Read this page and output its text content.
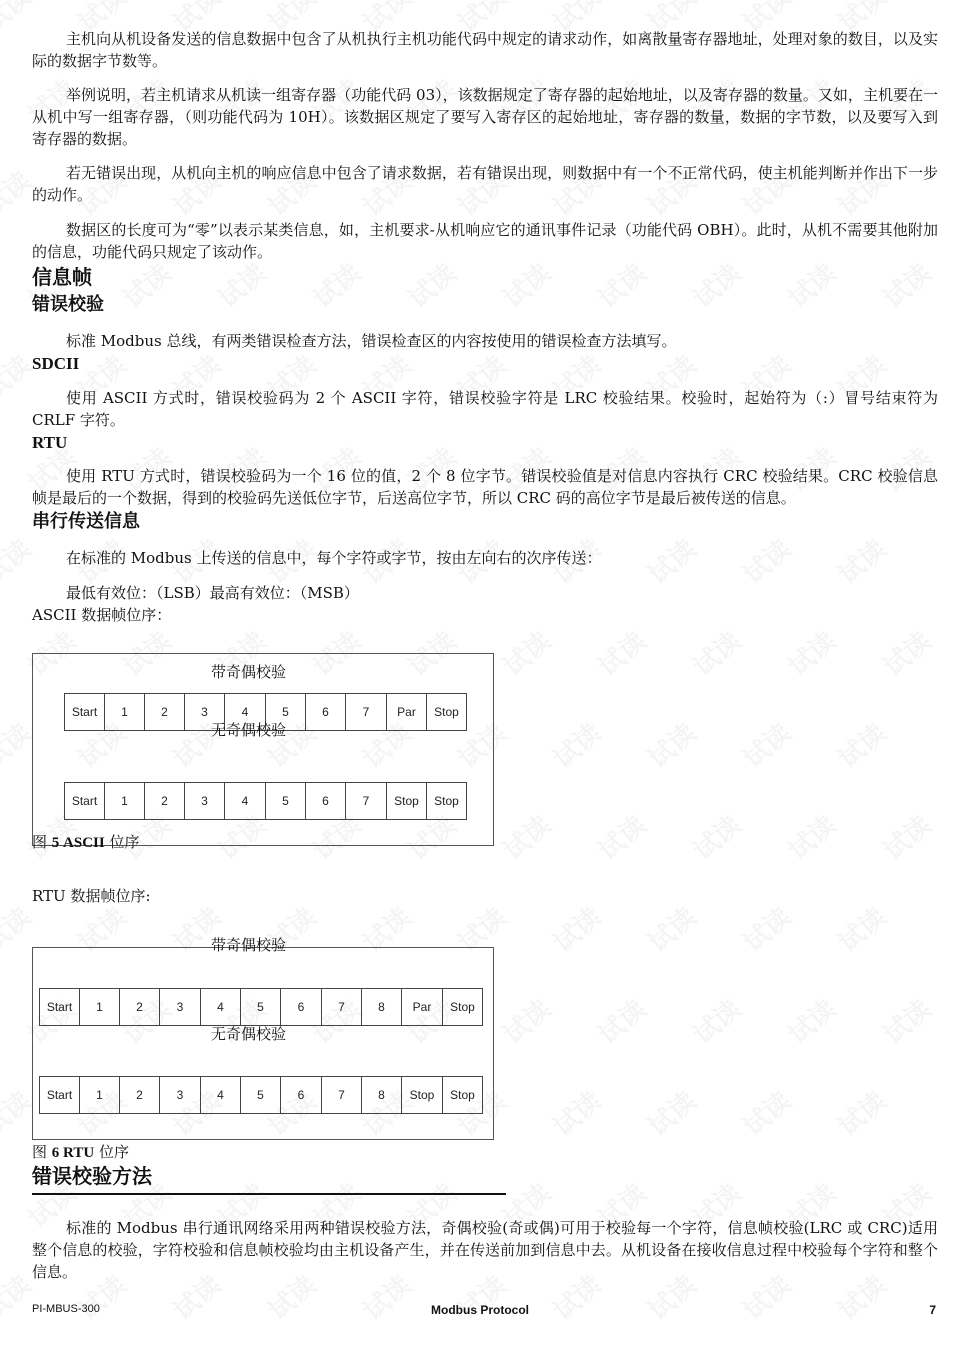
主机向从机设备发送的信息数据中包含了从机执行主机功能代码中规定的请求动作，如离散量寄存器地址，处理对象的数目，以及实际的数据字节数等。

举例说明，若主机请求从机读一组寄存器（功能代码 03），该数据规定了寄存器的起始地址，以及寄存器的数量。又如，主机要在一从机中写一组寄存器，（则功能代码为 10H）。该数据区规定了要写入寄存区的起始地址，寄存器的数量，数据的字节数，以及要写入到寄存器的数据。

若无错误出现，从机向主机的响应信息中包含了请求数据，若有错误出现，则数据中有一个不正常代码，使主机能判断并作出下一步的动作。

数据区的长度可为“零”以表示某类信息，如，主机要求-从机响应它的通讯事件记录（功能代码 OBH）。此时，从机不需要其他附加的信息，功能代码只规定了该动作。

信息帧
错误校验

标准 Modbus 总线，有两类错误检查方法，错误检查区的内容按使用的错误检查方法填写。

SDCII

使用 ASCII 方式时，错误校验码为 2 个 ASCII 字符，错误校验字符是 LRC 校验结果。校验时，起始符为（:）冒号结束符为 CRLF 字符。

RTU

使用 RTU 方式时，错误校验码为一个 16 位的值，2 个 8 位字节。错误校验值是对信息内容执行 CRC 校验结果。CRC 校验信息帧是最后的一个数据，得到的校验码先送低位字节，后送高位字节，所以 CRC 码的高位字节是最后被传送的信息。

串行传送信息

在标准的 Modbus 上传送的信息中，每个字符或字节，按由左向右的次序传送：

最低有效位：（LSB）最高有效位：（MSB）

ASCII 数据帧位序：

带奇偶校验
Start	1	2	3	4	5	6	7	Par	Stop
无奇偶校验
Start	1	2	3	4	5	6	7	Stop	Stop

图 5 ASCII 位序

RTU 数据帧位序:

带奇偶校验
Start	1	2	3	4	5	6	7	8	Par	Stop
无奇偶校验
Start	1	2	3	4	5	6	7	8	Stop	Stop

图 6 RTU 位序

错误校验方法

标准的 Modbus 串行通讯网络采用两种错误校验方法，奇偶校验(奇或偶)可用于校验每一个字符，信息帧校验(LRC 或 CRC)适用整个信息的校验，字符校验和信息帧校验均由主机设备产生，并在传送前加到信息中去。从机设备在接收信息过程中校验每个字符和整个信息。

PI-MBUS-300	Modbus Protocol	7
